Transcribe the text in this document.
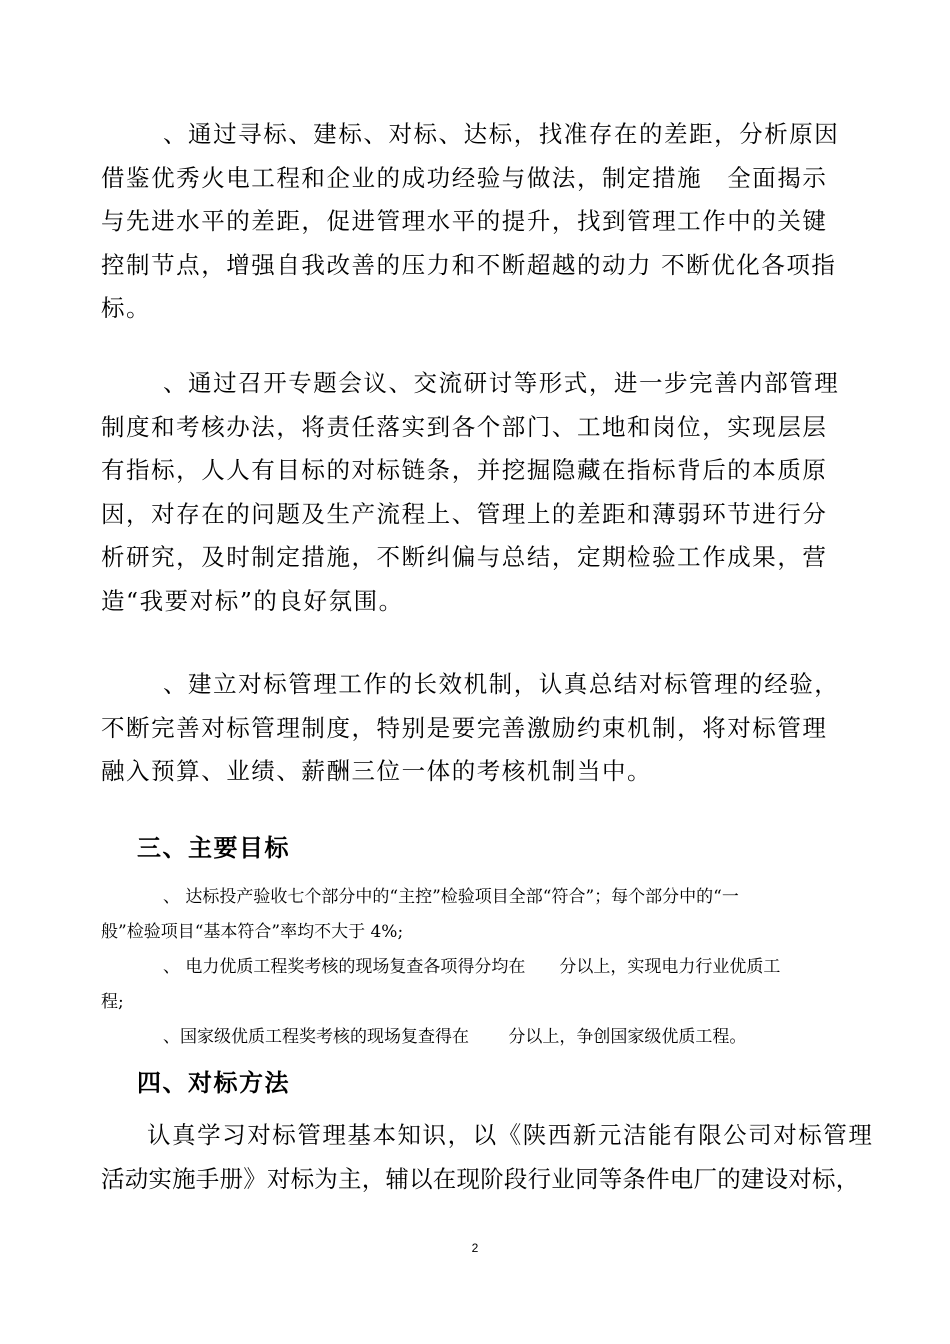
、通过寻标、建标、对标、达标，找准存在的差距，分析原因
借鉴优秀火电工程和企业的成功经验与做法，制定措施　全面揭示
与先进水平的差距，促进管理水平的提升，找到管理工作中的关键
控制节点，增强自我改善的压力和不断超越的动力 不断优化各项指
标。
、通过召开专题会议、交流研讨等形式，进一步完善内部管理
制度和考核办法，将责任落实到各个部门、工地和岗位，实现层层
有指标，人人有目标的对标链条，并挖掘隐藏在指标背后的本质原
因，对存在的问题及生产流程上、管理上的差距和薄弱环节进行分
析研究，及时制定措施，不断纠偏与总结，定期检验工作成果，营
造“我要对标”的良好氛围。
、建立对标管理工作的长效机制，认真总结对标管理的经验，
不断完善对标管理制度，特别是要完善激励约束机制，将对标管理
融入预算、业绩、薪酬三位一体的考核机制当中。
三、主要目标
、 达标投产验收七个部分中的“主控”检验项目全部“符合”；每个部分中的“一
般”检验项目“基本符合”率均不大于 4%;
、 电力优质工程奖考核的现场复查各项得分均在　　分以上，实现电力行业优质工
程;
、国家级优质工程奖考核的现场复查得在　　 分以上，争创国家级优质工程。
四、对标方法
认真学习对标管理基本知识，以《陕西新元洁能有限公司对标管理
活动实施手册》对标为主，辅以在现阶段行业同等条件电厂的建设对标，
2
